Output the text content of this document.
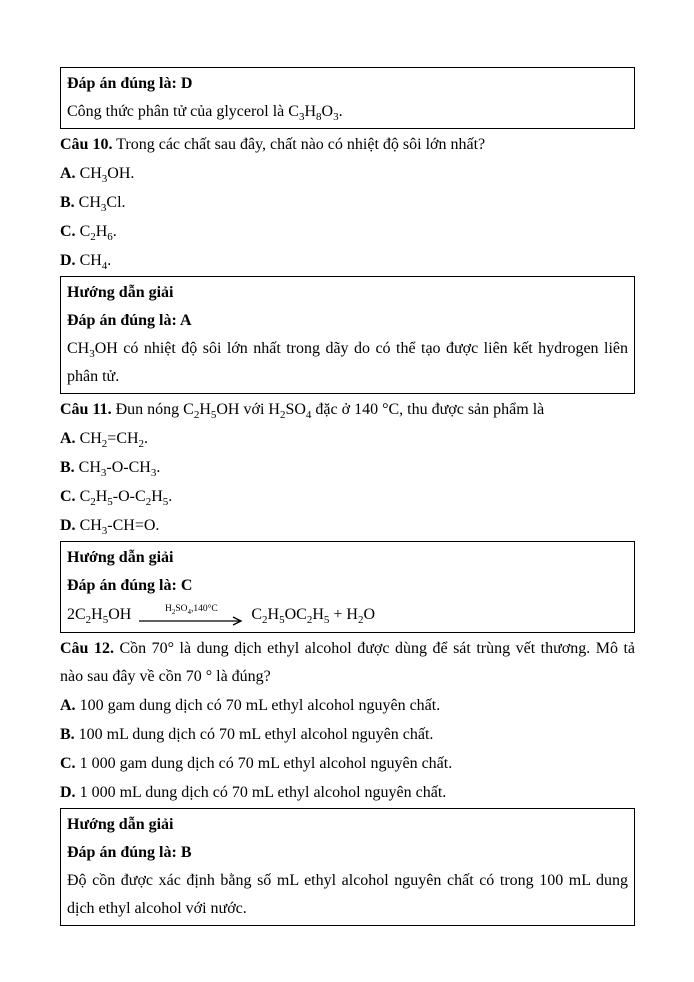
Đáp án đúng là: D

Công thức phân tử của glycerol là $C_3H_8O_3$.

Câu 10. Trong các chất sau đây, chất nào có nhiệt độ sôi lớn nhất?

A. $CH_3OH$.

B. $CH_3Cl$.

C. $C_2H_6$.

D. $CH_4$.

Hướng dẫn giải

Đáp án đúng là: A

$CH_3OH$ có nhiệt độ sôi lớn nhất trong dãy do có thể tạo được liên kết hydrogen liên phân tử.

Câu 11. Đun nóng $C_2H_5OH$ với $H_2SO_4$ đặc ở 140 °C, thu được sản phẩm là

A. $CH_2=CH_2$.

B. $CH_3-O-CH_3$.

C. $C_2H_5-O-C_2H_5$.

D. $CH_3-CH=O$.

Hướng dẫn giải

Đáp án đúng là: C

$2C_2H_5OH$	$H_2SO_4,140^\circ C$ $C_2H_5OC_2H_5 + H_2O$

Câu 12. Cồn 70° là dung dịch ethyl alcohol được dùng để sát trùng vết thương. Mô tả nào sau đây về cồn 70 ° là đúng?

A. 100 gam dung dịch có 70 mL ethyl alcohol nguyên chất.

B. 100 mL dung dịch có 70 mL ethyl alcohol nguyên chất.

C. 1 000 gam dung dịch có 70 mL ethyl alcohol nguyên chất.

D. 1 000 mL dung dịch có 70 mL ethyl alcohol nguyên chất.

Hướng dẫn giải

Đáp án đúng là: B

Độ cồn được xác định bằng số mL ethyl alcohol nguyên chất có trong 100 mL dung dịch ethyl alcohol với nước.
